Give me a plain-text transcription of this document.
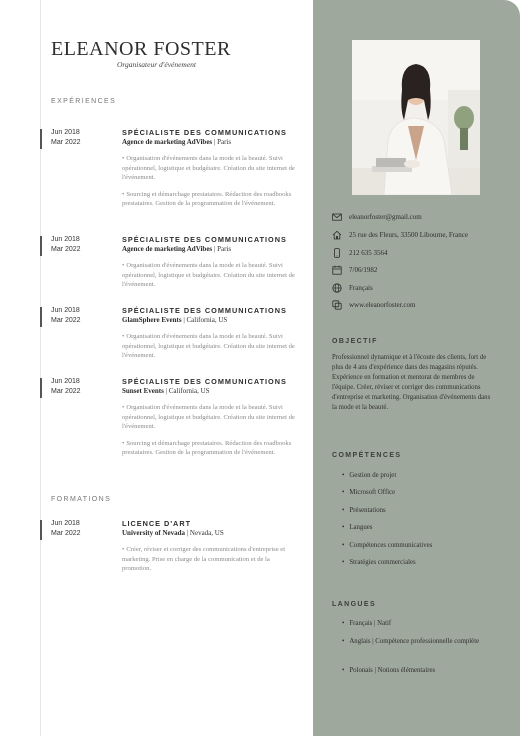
ELEANOR FOSTER
Organisateur d'événement
EXPÉRIENCES
Jun 2018
Mar 2022
SPÉCIALISTE DES COMMUNICATIONS
Agence de marketing AdVibes | Paris
• Organisation d'événements dans la mode et la beauté. Suivi opérationnel, logistique et budgétaire. Création du site internet de l'événement.
• Sourcing et démarchage prestataires. Rédaction des roadbooks prestataires. Gestion de la programmation de l'événement.
Jun 2018
Mar 2022
SPÉCIALISTE DES COMMUNICATIONS
Agence de marketing AdVibes | Paris
• Organisation d'événements dans la mode et la beauté. Suivi opérationnel, logistique et budgétaire. Création du site internet de l'événement.
Jun 2018
Mar 2022
SPÉCIALISTE DES COMMUNICATIONS
GlamSphere Events | California, US
• Organisation d'événements dans la mode et la beauté. Suivi opérationnel, logistique et budgétaire. Création du site internet de l'événement.
Jun 2018
Mar 2022
SPÉCIALISTE DES COMMUNICATIONS
Sunset Events | California, US
• Organisation d'événements dans la mode et la beauté. Suivi opérationnel, logistique et budgétaire. Création du site internet de l'événement.
• Sourcing et démarchage prestataires. Rédaction des roadbooks prestataires. Gestion de la programmation de l'événement.
FORMATIONS
Jun 2018
Mar 2022
LICENCE D'ART
University of Nevada | Nevada, US
• Créer, réviser et corriger des communications d'entreprise et marketing. Prise en charge de la communication et de la promotion.
eleanorfoster@gmail.com
25 rue des Fleurs, 33500 Libourne, France
212 635 3564
7/06/1982
Français
www.eleanorfoster.com
OBJECTIF
Professionnel dynamique et à l'écoute des clients, fort de plus de 4 ans d'expérience dans des magasins réputés. Expérience en formation et mentorat de membres de l'équipe. Créer, réviser et corriger des communications d'entreprise et marketing. Organisation d'événements dans la mode et la beauté.
COMPÉTENCES
• Gestion de projet
• Microsoft Office
• Présentations
• Langues
• Compétences communicatives
• Stratégies commerciales
LANGUES
• Français | Natif
• Anglais | Compétence professionnelle complète
• Polonais | Notions élémentaires
